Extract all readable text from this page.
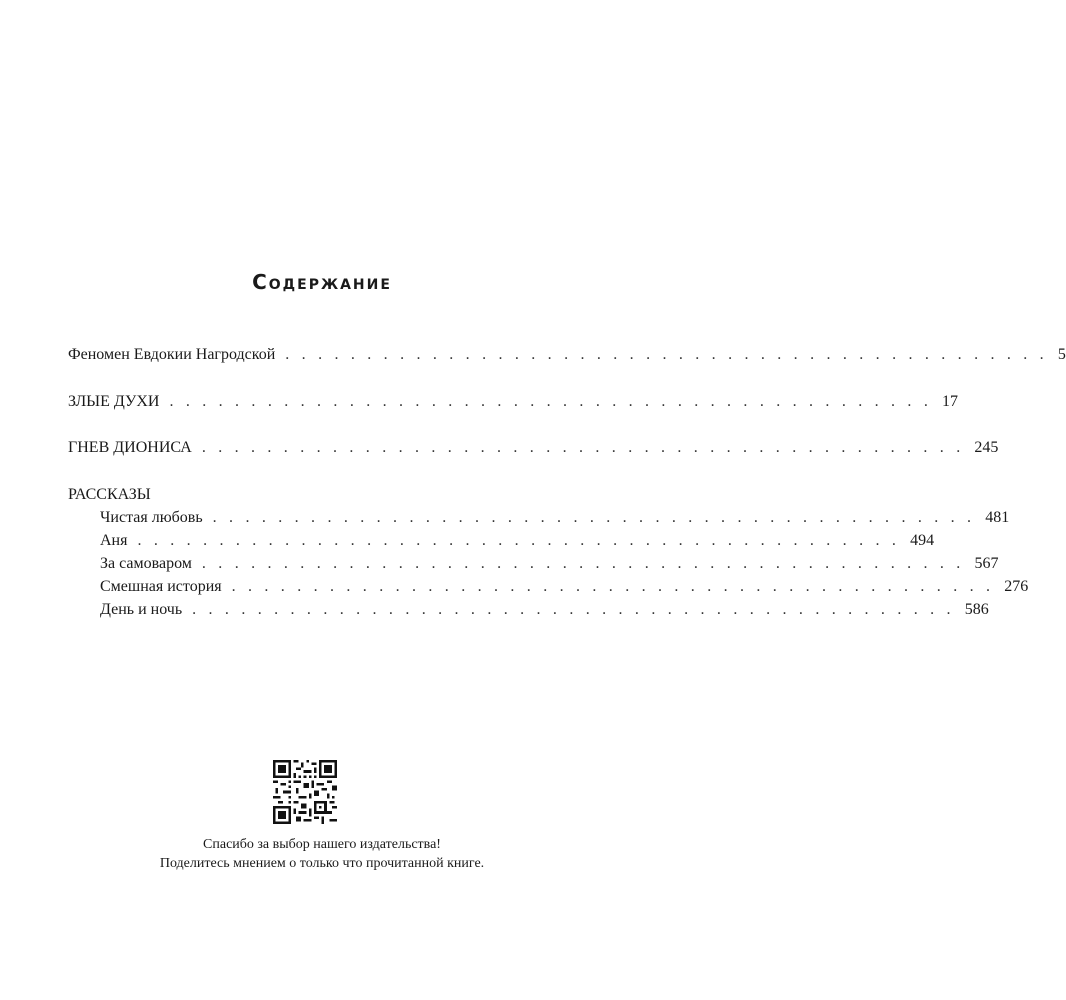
Содержание
Феномен Евдокии Нагродской . . . . . . . . . . . . . . . . . . . . . . . . . . . . . . . . . . . . . . . . . . . . . . . 5
ЗЛЫЕ ДУХИ . . . . . . . . . . . . . . . . . . . . . . . . . . . . . . . . . . . . . . . . . . . . . . . 17
ГНЕВ ДИОНИСА . . . . . . . . . . . . . . . . . . . . . . . . . . . . . . . . . . . . . . . . . . . . . . . 245
РАССКАЗЫ
Чистая любовь . . . . . . . . . . . . . . . . . . . . . . . . . . . . . . . . . . . . . . . . . . . . . . . 481
Аня . . . . . . . . . . . . . . . . . . . . . . . . . . . . . . . . . . . . . . . . . . . . . . . 494
За самоваром . . . . . . . . . . . . . . . . . . . . . . . . . . . . . . . . . . . . . . . . . . . . . . . 567
Смешная история . . . . . . . . . . . . . . . . . . . . . . . . . . . . . . . . . . . . . . . . . . . . . . . 276
День и ночь . . . . . . . . . . . . . . . . . . . . . . . . . . . . . . . . . . . . . . . . . . . . . . . 586
Спасибо за выбор нашего издательства!
Поделитесь мнением о только что прочитанной книге.
